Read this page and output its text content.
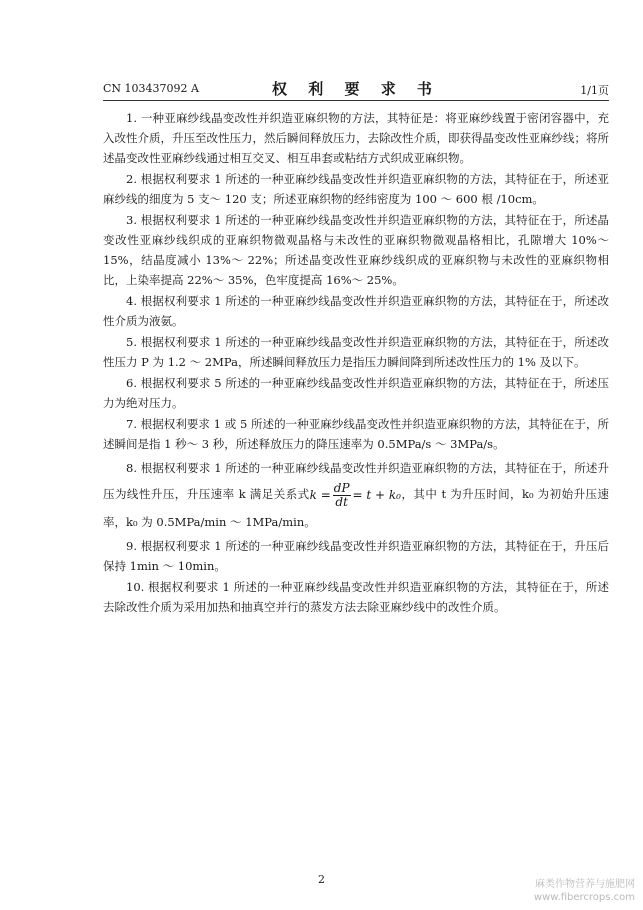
CN 103437092 A	权 利 要 求 书	1/1页

1. 一种亚麻纱线晶变改性并织造亚麻织物的方法，其特征是：将亚麻纱线置于密闭容器中，充入改性介质，升压至改性压力，然后瞬间释放压力，去除改性介质，即获得晶变改性亚麻纱线；将所述晶变改性亚麻纱线通过相互交叉、相互串套或粘结方式织成亚麻织物。

2. 根据权利要求 1 所述的一种亚麻纱线晶变改性并织造亚麻织物的方法，其特征在于，所述亚麻纱线的细度为 5 支～ 120 支；所述亚麻织物的经纬密度为 100 ～ 600 根 /10cm。

3. 根据权利要求 1 所述的一种亚麻纱线晶变改性并织造亚麻织物的方法，其特征在于，所述晶变改性亚麻纱线织成的亚麻织物微观晶格与未改性的亚麻织物微观晶格相比，孔隙增大 10%～ 15%，结晶度减小 13%～ 22%；所述晶变改性亚麻纱线织成的亚麻织物与未改性的亚麻织物相比，上染率提高 22%～ 35%，色牢度提高 16%～ 25%。

4. 根据权利要求 1 所述的一种亚麻纱线晶变改性并织造亚麻织物的方法，其特征在于，所述改性介质为液氨。

5. 根据权利要求 1 所述的一种亚麻纱线晶变改性并织造亚麻织物的方法，其特征在于，所述改性压力 P 为 1.2 ～ 2MPa，所述瞬间释放压力是指压力瞬间降到所述改性压力的 1% 及以下。

6. 根据权利要求 5 所述的一种亚麻纱线晶变改性并织造亚麻织物的方法，其特征在于，所述压力为绝对压力。

7. 根据权利要求 1 或 5 所述的一种亚麻纱线晶变改性并织造亚麻织物的方法，其特征在于，所述瞬间是指 1 秒～ 3 秒，所述释放压力的降压速率为 0.5MPa/s ～ 3MPa/s。

8. 根据权利要求 1 所述的一种亚麻纱线晶变改性并织造亚麻织物的方法，其特征在于，所述升压为线性升压，升压速率 k 满足关系式$k = \frac{dP}{dt} = t + k_0$，其中 t 为升压时间，k₀ 为初始升压速率，k₀ 为 0.5MPa/min ～ 1MPa/min。

9. 根据权利要求 1 所述的一种亚麻纱线晶变改性并织造亚麻织物的方法，其特征在于，升压后保持 1min ～ 10min。

10. 根据权利要求 1 所述的一种亚麻纱线晶变改性并织造亚麻织物的方法，其特征在于，所述去除改性介质为采用加热和抽真空并行的蒸发方法去除亚麻纱线中的改性介质。

2	麻类作物营养与施肥网
www.fibercrops.com
